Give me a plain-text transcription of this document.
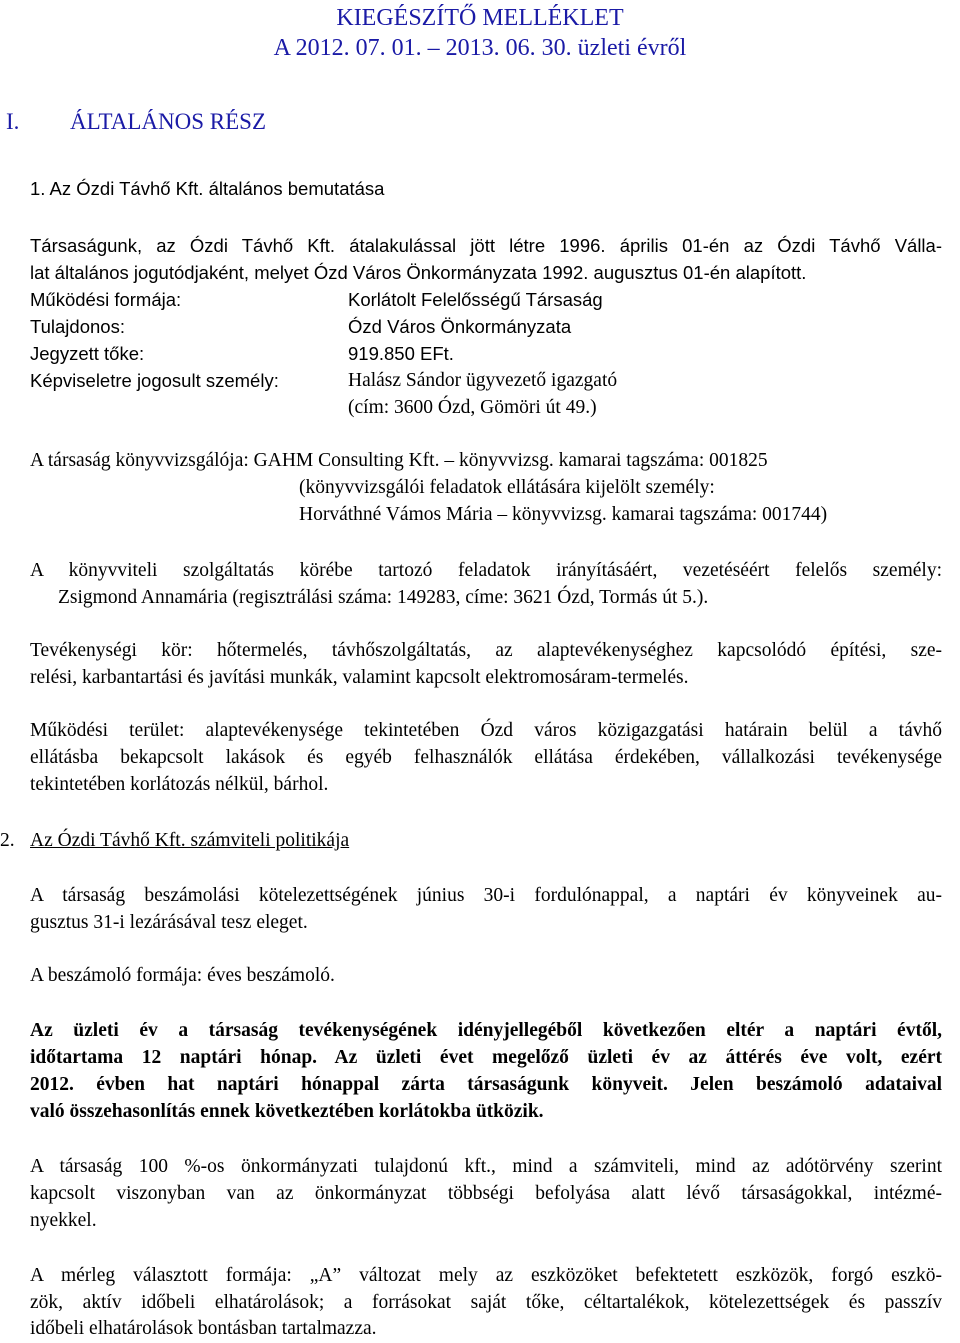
KIEGÉSZÍTŐ MELLÉKLET
A 2012. 07. 01. – 2013. 06. 30. üzleti évről
I.	ÁLTALÁNOS RÉSZ
1. Az Ózdi Távhő Kft. általános bemutatása
Társaságunk, az Ózdi Távhő Kft. átalakulással jött létre 1996. április 01-én az Ózdi Távhő Válla-
lat általános jogutódjaként, melyet Ózd Város Önkormányzata 1992. augusztus 01-én alapított.
Működési formája:	Korlátolt Felelősségű Társaság
Tulajdonos:	Ózd Város Önkormányzata
Jegyzett tőke:	919.850 EFt.
Képviseletre jogosult személy:	Halász Sándor ügyvezető igazgató
(cím: 3600 Ózd, Gömöri út 49.)
A társaság könyvvizsgálója: GAHM Consulting Kft. – könyvvizsg. kamarai tagszáma: 001825
(könyvvizsgálói feladatok ellátására kijelölt személy:
Horváthné Vámos Mária – könyvvizsg. kamarai tagszáma: 001744)
A könyvviteli szolgáltatás körébe tartozó feladatok irányításáért, vezetéséért felelős személy:
Zsigmond Annamária (regisztrálási száma: 149283, címe: 3621 Ózd, Tormás út 5.).
Tevékenységi kör: hőtermelés, távhőszolgáltatás, az alaptevékenységhez kapcsolódó építési, sze-
relési, karbantartási és javítási munkák, valamint kapcsolt elektromosáram-termelés.
Működési terület: alaptevékenysége tekintetében Ózd város közigazgatási határain belül a távhő
ellátásba bekapcsolt lakások és egyéb felhasználók ellátása érdekében, vállalkozási tevékenysége
tekintetében korlátozás nélkül, bárhol.
2. Az Ózdi Távhő Kft. számviteli politikája
A társaság beszámolási kötelezettségének június 30-i fordulónappal, a naptári év könyveinek au-
gusztus 31-i lezárásával tesz eleget.
A beszámoló formája: éves beszámoló.
Az üzleti év a társaság tevékenységének idényjellegéből következően eltér a naptári évtől,
időtartama 12 naptári hónap. Az üzleti évet megelőző üzleti év az áttérés éve volt, ezért
2012. évben hat naptári hónappal zárta társaságunk könyveit. Jelen beszámoló adataival
való összehasonlítás ennek következtében korlátokba ütközik.
A társaság 100 %-os önkormányzati tulajdonú kft., mind a számviteli, mind az adótörvény szerint
kapcsolt viszonyban van az önkormányzat többségi befolyása alatt lévő társaságokkal, intézmé-
nyekkel.
A mérleg választott formája: „A” változat mely az eszközöket befektetett eszközök, forgó eszkö-
zök, aktív időbeli elhatárolások; a forrásokat saját tőke, céltartalékok, kötelezettségek és passzív
időbeli elhatárolások bontásban tartalmazza.
